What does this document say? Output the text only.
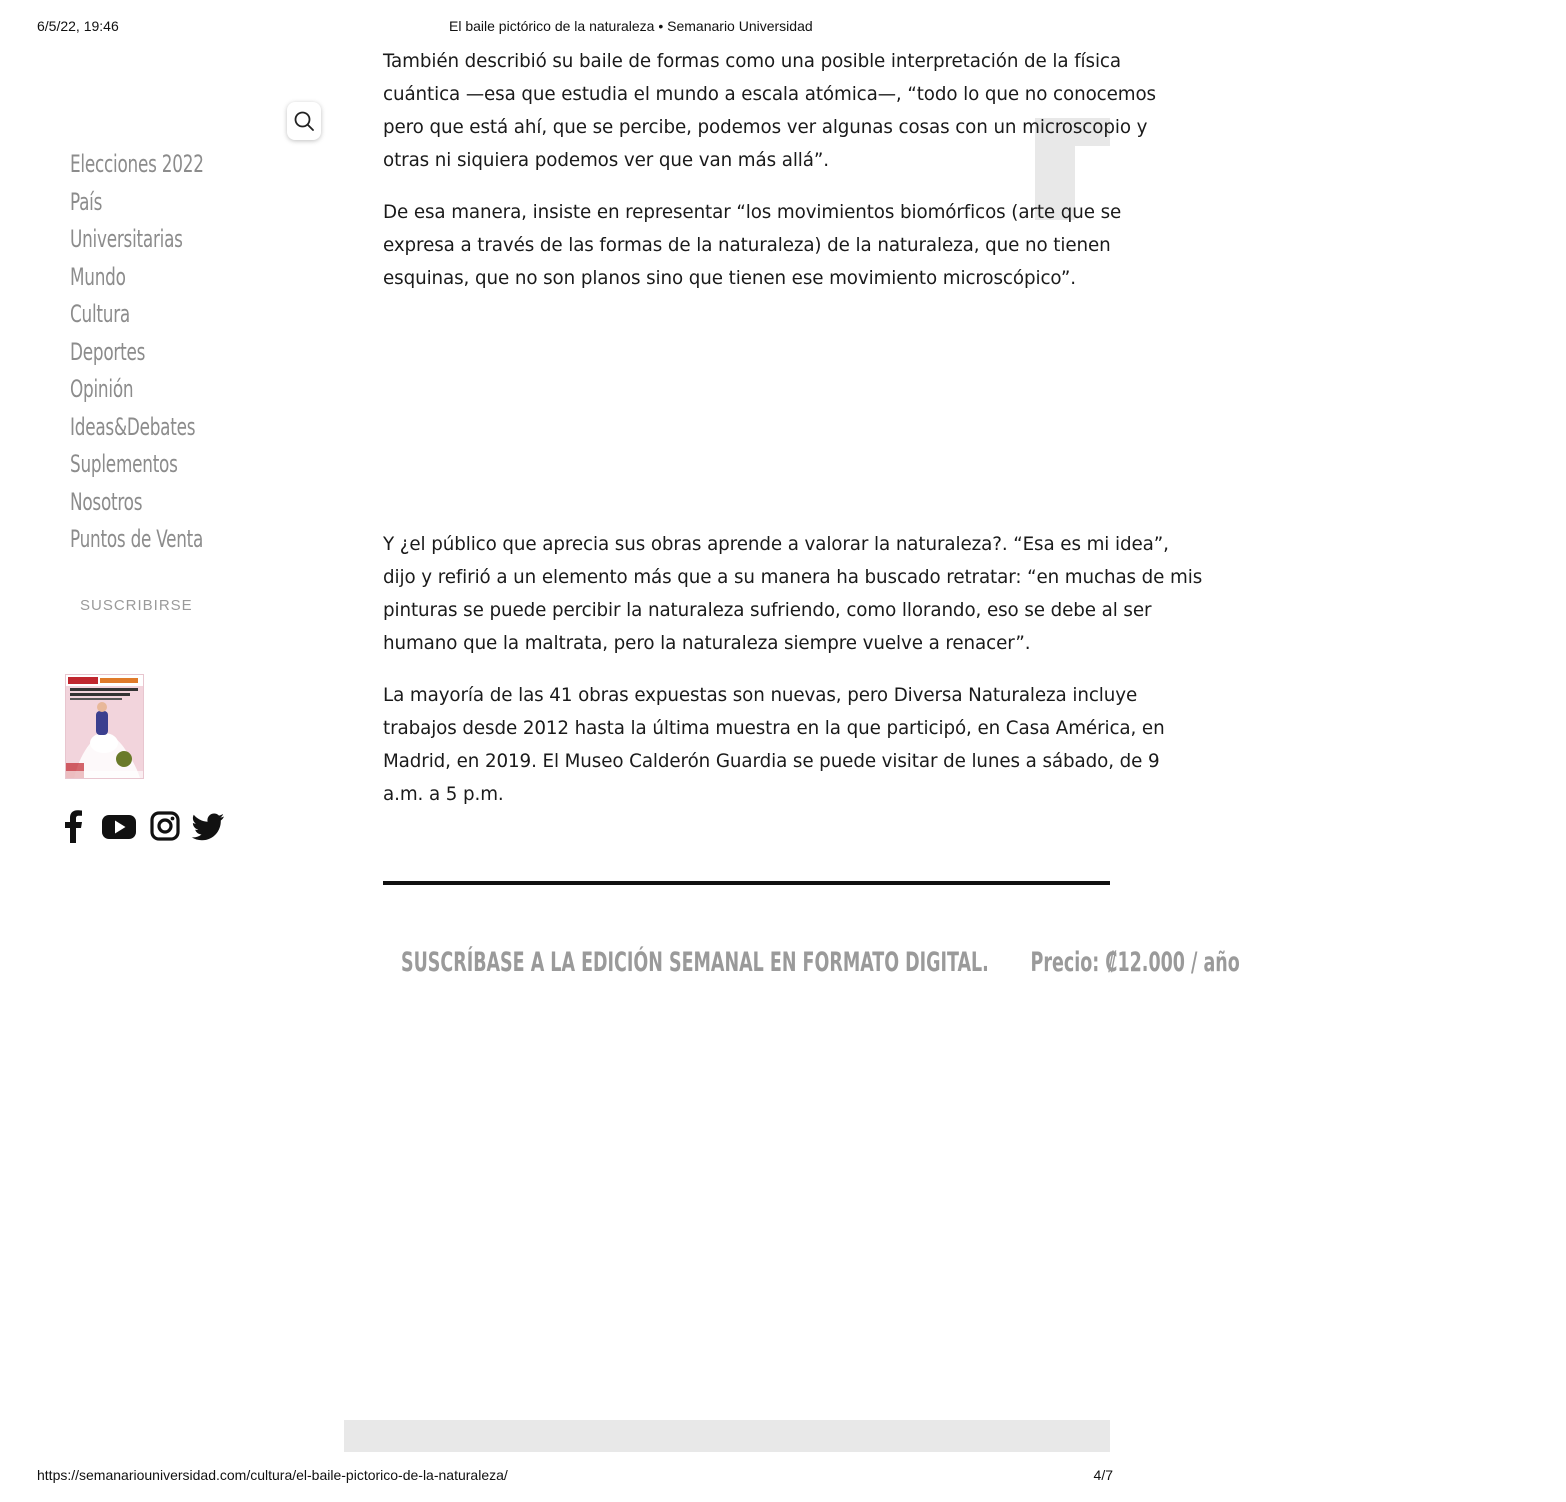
6/5/22, 19:46	El baile pictórico de la naturaleza • Semanario Universidad
Elecciones 2022
País
Universitarias
Mundo
Cultura
Deportes
Opinión
Ideas&Debates
Suplementos
Nosotros
Puntos de Venta
SUSCRIBIRSE

También describió su baile de formas como una posible interpretación de la física

cuántica —esa que estudia el mundo a escala atómica—, “todo lo que no conocemos

pero que está ahí, que se percibe, podemos ver algunas cosas con un microscopio y

otras ni siquiera podemos ver que van más allá”.

De esa manera, insiste en representar “los movimientos biomórficos (arte que se

expresa a través de las formas de la naturaleza) de la naturaleza, que no tienen

esquinas, que no son planos sino que tienen ese movimiento microscópico”.

Y ¿el público que aprecia sus obras aprende a valorar la naturaleza?. “Esa es mi idea”,

dijo y refirió a un elemento más que a su manera ha buscado retratar: “en muchas de mis

pinturas se puede percibir la naturaleza sufriendo, como llorando, eso se debe al ser

humano que la maltrata, pero la naturaleza siempre vuelve a renacer”.

La mayoría de las 41 obras expuestas son nuevas, pero Diversa Naturaleza incluye

trabajos desde 2012 hasta la última muestra en la que participó, en Casa América, en

Madrid, en 2019. El Museo Calderón Guardia se puede visitar de lunes a sábado, de 9

a.m. a 5 p.m.

SUSCRÍBASE A LA EDICIÓN SEMANAL EN FORMATO DIGITAL. Precio: ₡12.000 / año
https://semanariouniversidad.com/cultura/el-baile-pictorico-de-la-naturaleza/	4/7
